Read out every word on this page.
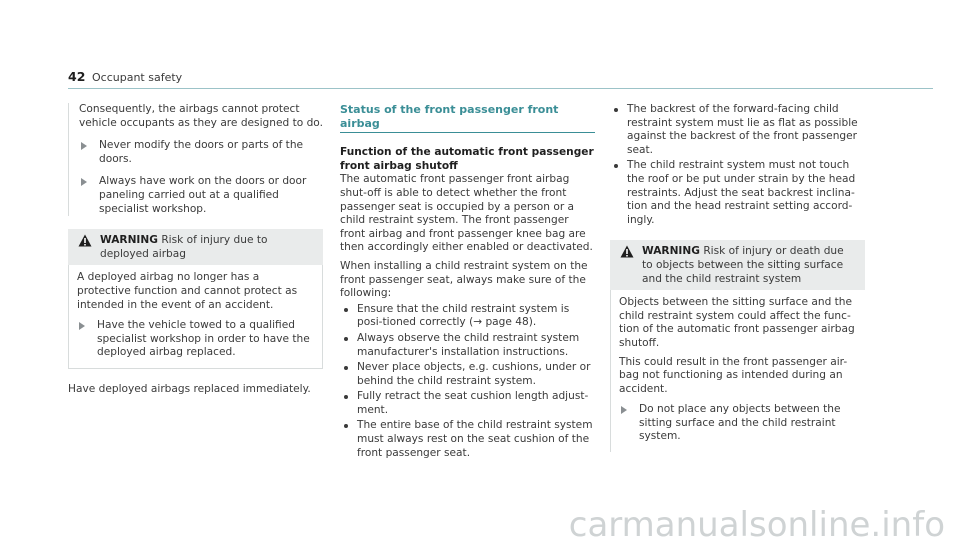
42 Occupant safety

Consequently, the airbags cannot protect vehicle occupants as they are designed to do.

Never modify the doors or parts of the doors.
Always have work on the doors or door paneling carried out at a qualified specialist workshop.
WARNING Risk of injury due to deployed airbag

A deployed airbag no longer has a protective function and cannot protect as intended in the event of an accident.

Have the vehicle towed to a qualified specialist workshop in order to have the deployed airbag replaced.

Have deployed airbags replaced immediately.

Status of the front passenger front airbag

Function of the automatic front passenger front airbag shutoff

The automatic front passenger front airbag shut-off is able to detect whether the front passenger seat is occupied by a person or a child restraint system. The front passenger front airbag and front passenger knee bag are then accordingly either enabled or deactivated.

When installing a child restraint system on the front passenger seat, always make sure of the following:

Ensure that the child restraint system is posi-tioned correctly (→ page 48).
Always observe the child restraint system manufacturer's installation instructions.
Never place objects, e.g. cushions, under or behind the child restraint system.
Fully retract the seat cushion length adjust-ment.
The entire base of the child restraint system must always rest on the seat cushion of the front passenger seat.
The backrest of the forward-facing child restraint system must lie as flat as possible against the backrest of the front passenger seat.
The child restraint system must not touch the roof or be put under strain by the head restraints. Adjust the seat backrest inclina-tion and the head restraint setting accord-ingly.
WARNING Risk of injury or death due to objects between the sitting surface and the child restraint system

Objects between the sitting surface and the child restraint system could affect the func-tion of the automatic front passenger airbag shutoff.

This could result in the front passenger air-bag not functioning as intended during an accident.

Do not place any objects between the sitting surface and the child restraint system.
carmanualsonline.info
